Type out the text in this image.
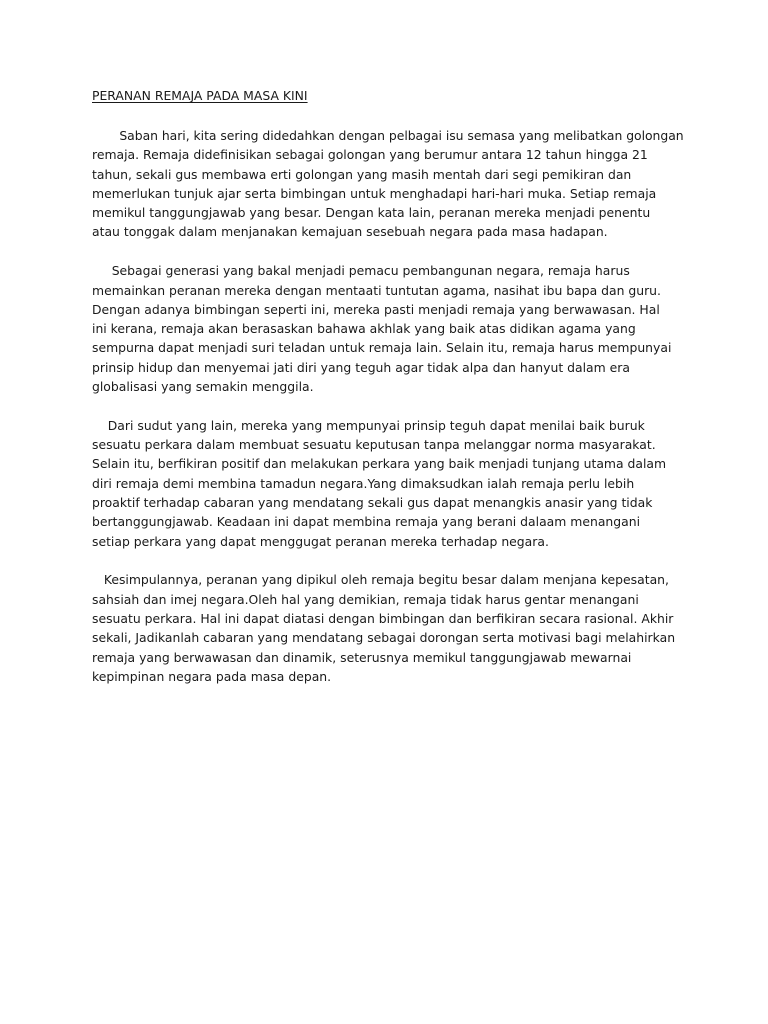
PERANAN REMAJA PADA MASA KINI
Saban hari, kita sering didedahkan dengan pelbagai isu semasa yang melibatkan golongan
remaja. Remaja didefinisikan sebagai golongan yang berumur antara 12 tahun hingga 21
tahun, sekali gus membawa erti golongan yang masih mentah dari segi pemikiran dan
memerlukan tunjuk ajar serta bimbingan untuk menghadapi hari-hari muka. Setiap remaja
memikul tanggungjawab yang besar. Dengan kata lain, peranan mereka menjadi penentu
atau tonggak dalam menjanakan kemajuan sesebuah negara pada masa hadapan.
Sebagai generasi yang bakal menjadi pemacu pembangunan negara, remaja harus
memainkan peranan mereka dengan mentaati tuntutan agama, nasihat ibu bapa dan guru.
Dengan adanya bimbingan seperti ini, mereka pasti menjadi remaja yang berwawasan. Hal
ini kerana, remaja akan berasaskan bahawa akhlak yang baik atas didikan agama yang
sempurna dapat menjadi suri teladan untuk remaja lain. Selain itu, remaja harus mempunyai
prinsip hidup dan menyemai jati diri yang teguh agar tidak alpa dan hanyut dalam era
globalisasi yang semakin menggila.
Dari sudut yang lain, mereka yang mempunyai prinsip teguh dapat menilai baik buruk
sesuatu perkara dalam membuat sesuatu keputusan tanpa melanggar norma masyarakat.
Selain itu, berfikiran positif dan melakukan perkara yang baik menjadi tunjang utama dalam
diri remaja demi membina tamadun negara.Yang dimaksudkan ialah remaja perlu lebih
proaktif terhadap cabaran yang mendatang sekali gus dapat menangkis anasir yang tidak
bertanggungjawab. Keadaan ini dapat membina remaja yang berani dalaam menangani
setiap perkara yang dapat menggugat peranan mereka terhadap negara.
Kesimpulannya, peranan yang dipikul oleh remaja begitu besar dalam menjana kepesatan,
sahsiah dan imej negara.Oleh hal yang demikian, remaja tidak harus gentar menangani
sesuatu perkara. Hal ini dapat diatasi dengan bimbingan dan berfikiran secara rasional. Akhir
sekali, Jadikanlah cabaran yang mendatang sebagai dorongan serta motivasi bagi melahirkan
remaja yang berwawasan dan dinamik, seterusnya memikul tanggungjawab mewarnai
kepimpinan negara pada masa depan.
